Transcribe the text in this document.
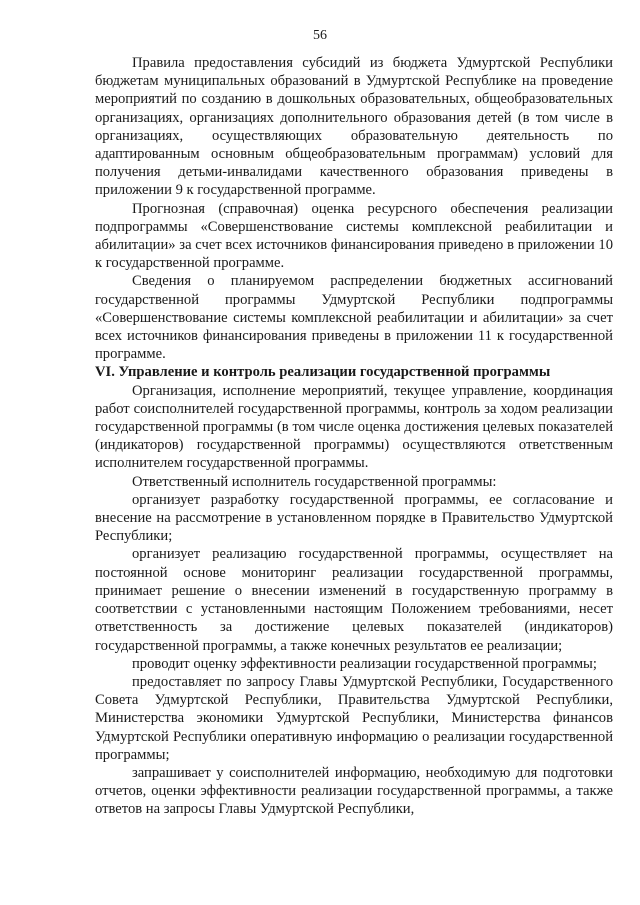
56

Правила предоставления субсидий из бюджета Удмуртской Республики бюджетам муниципальных образований в Удмуртской Республике на проведение мероприятий по созданию в дошкольных образовательных, общеобразовательных организациях, организациях дополнительного образования детей (в том числе в организациях, осуществляющих образовательную деятельность по адаптированным основным общеобразовательным программам) условий для получения детьми-инвалидами качественного образования приведены в приложении 9 к государственной программе.

Прогнозная (справочная) оценка ресурсного обеспечения реализации подпрограммы «Совершенствование системы комплексной реабилитации и абилитации» за счет всех источников финансирования приведено в приложении 10 к государственной программе.

Сведения о планируемом распределении бюджетных ассигнований государственной программы Удмуртской Республики подпрограммы «Совершенствование системы комплексной реабилитации и абилитации» за счет всех источников финансирования приведены в приложении 11 к государственной программе.

VI. Управление и контроль реализации государственной программы

Организация, исполнение мероприятий, текущее управление, координация работ соисполнителей государственной программы, контроль за ходом реализации государственной программы (в том числе оценка достижения целевых показателей (индикаторов) государственной программы) осуществляются ответственным исполнителем государственной программы.

Ответственный исполнитель государственной программы:

организует разработку государственной программы, ее согласование и внесение на рассмотрение в установленном порядке в Правительство Удмуртской Республики;

организует реализацию государственной программы, осуществляет на постоянной основе мониторинг реализации государственной программы, принимает решение о внесении изменений в государственную программу в соответствии с установленными настоящим Положением требованиями, несет ответственность за достижение целевых показателей (индикаторов) государственной программы, а также конечных результатов ее реализации;

проводит оценку эффективности реализации государственной программы;

предоставляет по запросу Главы Удмуртской Республики, Государственного Совета Удмуртской Республики, Правительства Удмуртской Республики, Министерства экономики Удмуртской Республики, Министерства финансов Удмуртской Республики оперативную информацию о реализации государственной программы;

запрашивает у соисполнителей информацию, необходимую для подготовки отчетов, оценки эффективности реализации государственной программы, а также ответов на запросы Главы Удмуртской Республики,
